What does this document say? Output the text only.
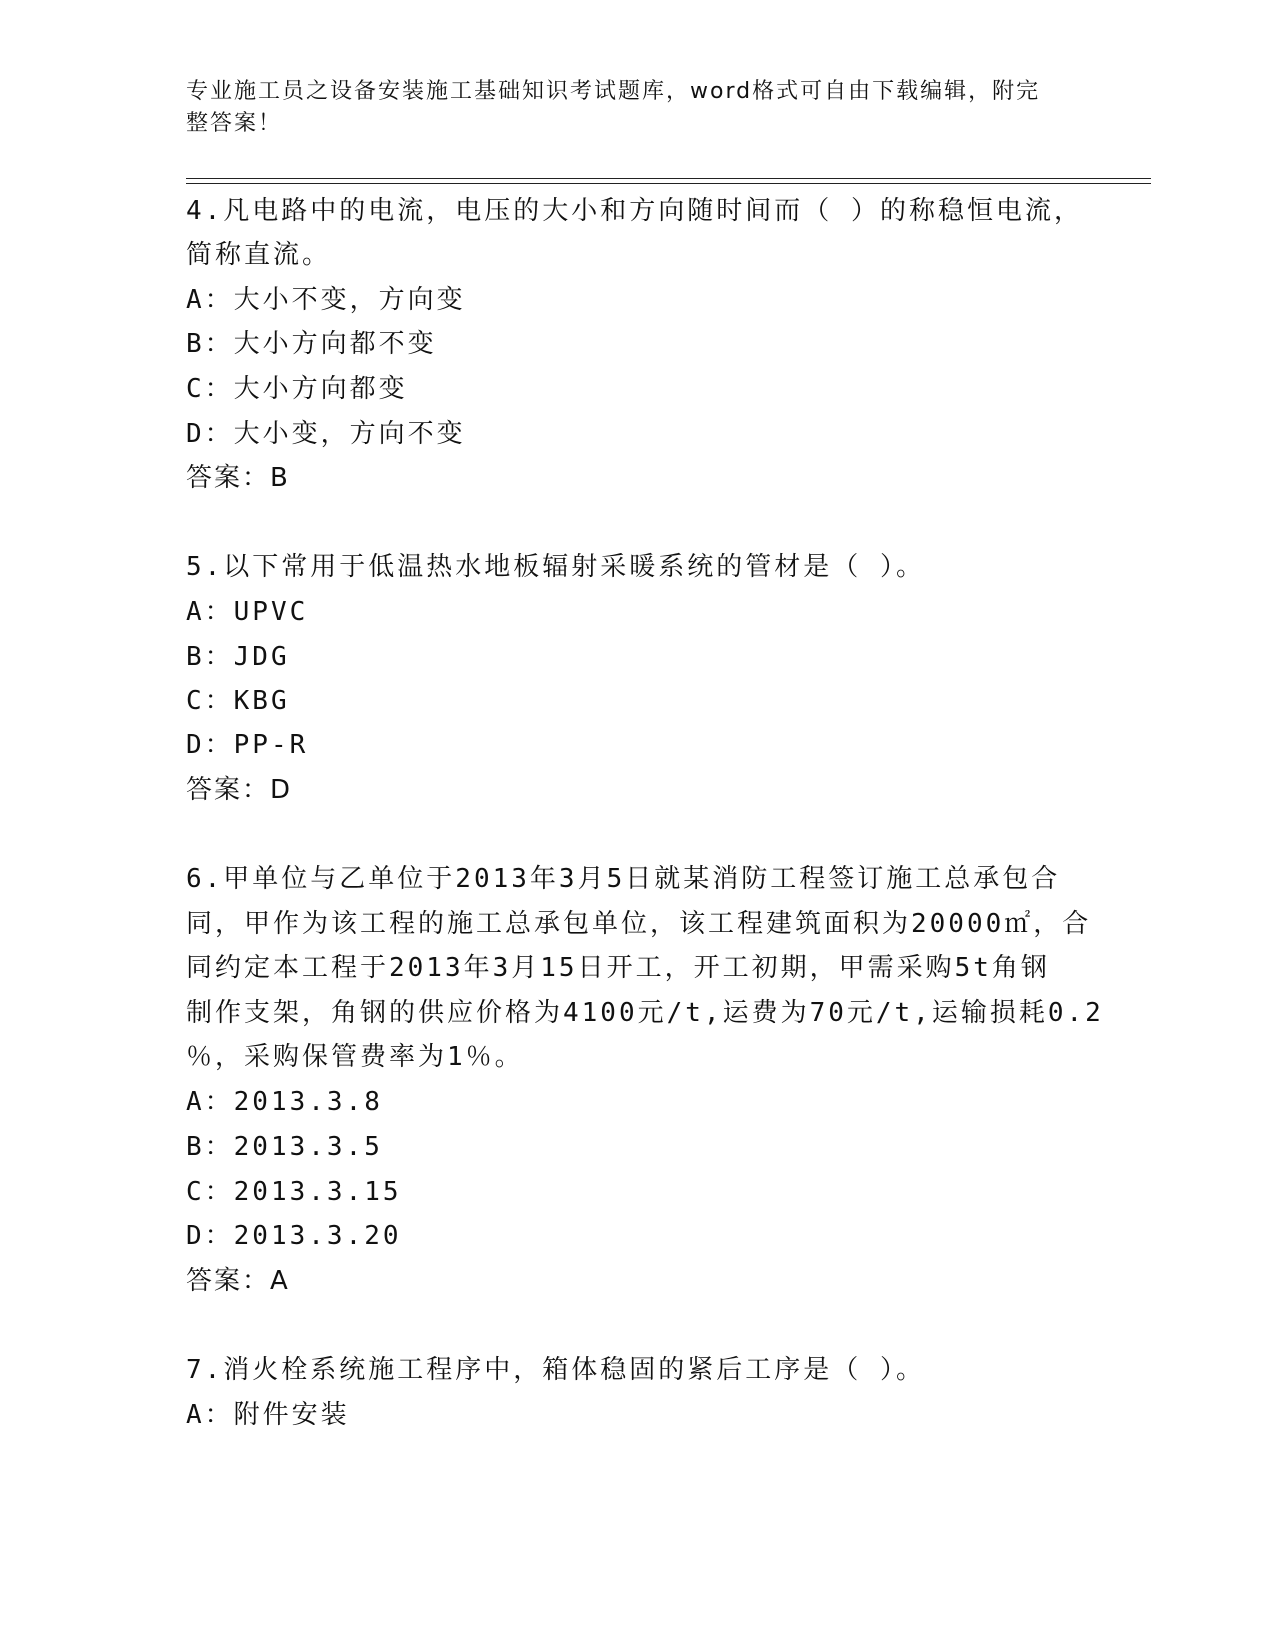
专业施工员之设备安装施工基础知识考试题库，word格式可自由下载编辑，附完
整答案！
4.凡电路中的电流，电压的大小和方向随时间而（ ）的称稳恒电流，
简称直流。
A：大小不变，方向变
B：大小方向都不变
C：大小方向都变
D：大小变，方向不变
答案：B
5.以下常用于低温热水地板辐射采暖系统的管材是（ ）。
A：UPVC
B：JDG
C：KBG
D：PP-R
答案：D
6.甲单位与乙单位于2013年3月5日就某消防工程签订施工总承包合
同，甲作为该工程的施工总承包单位，该工程建筑面积为20000㎡，合
同约定本工程于2013年3月15日开工，开工初期，甲需采购5t角钢
制作支架，角钢的供应价格为4100元/t,运费为70元/t,运输损耗0.2
％，采购保管费率为1％。
A：2013.3.8
B：2013.3.5
C：2013.3.15
D：2013.3.20
答案：A
7.消火栓系统施工程序中，箱体稳固的紧后工序是（ ）。
A：附件安装
